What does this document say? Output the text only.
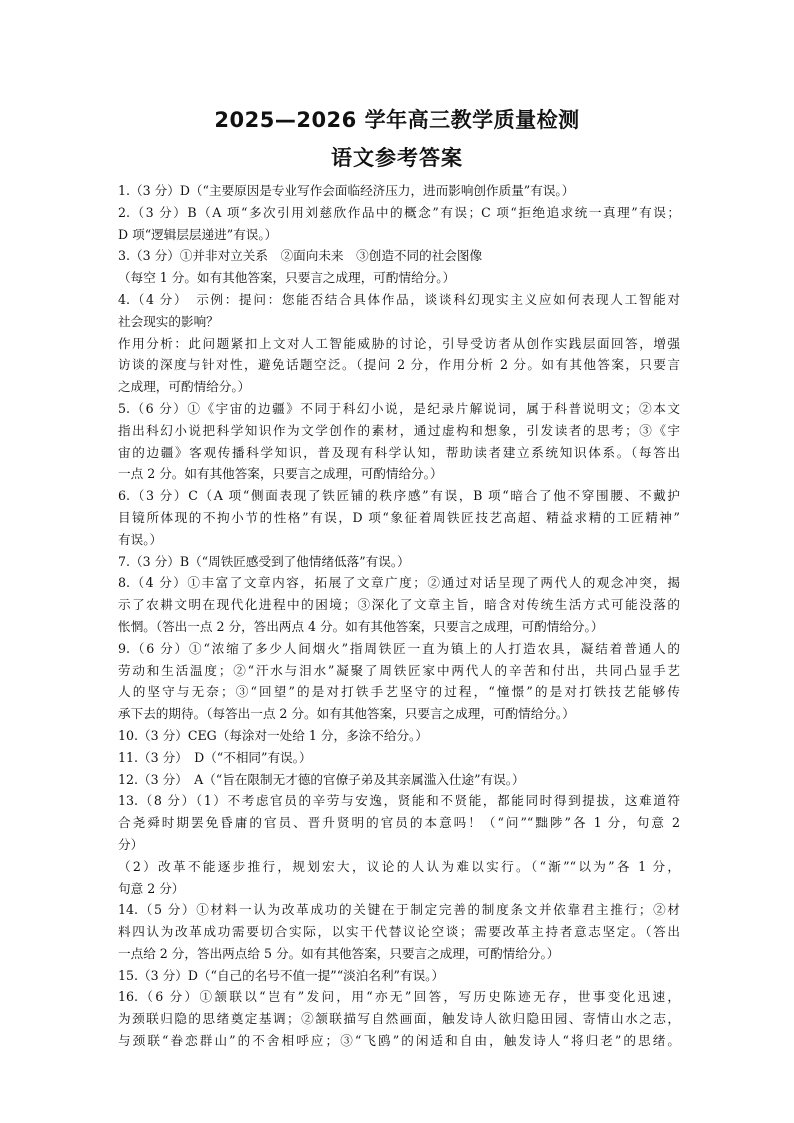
2025—2026 学年高三教学质量检测
语文参考答案
1.（3 分）D（“主要原因是专业写作会面临经济压力，进而影响创作质量”有误。）
2.（3 分）B（A 项“多次引用刘慈欣作品中的概念”有误；C 项“拒绝追求统一真理”有误；
D 项“逻辑层层递进”有误。）
3.（3 分）①并非对立关系　②面向未来　③创造不同的社会图像
（每空 1 分。如有其他答案，只要言之成理，可酌情给分。）
4.（4 分）　示例：提问：您能否结合具体作品，谈谈科幻现实主义应如何表现人工智能对
社会现实的影响？
作用分析：此问题紧扣上文对人工智能威胁的讨论，引导受访者从创作实践层面回答，增强
访谈的深度与针对性，避免话题空泛。（提问 2 分，作用分析 2 分。如有其他答案，只要言
之成理，可酌情给分。）
5.（6 分）①《宇宙的边疆》不同于科幻小说，是纪录片解说词，属于科普说明文；②本文
指出科幻小说把科学知识作为文学创作的素材，通过虚构和想象，引发读者的思考；③《宇
宙的边疆》客观传播科学知识，普及现有科学认知，帮助读者建立系统知识体系。（每答出
一点 2 分。如有其他答案，只要言之成理，可酌情给分。）
6.（3 分）C（A 项“侧面表现了铁匠铺的秩序感”有误，B 项“暗合了他不穿围腰、不戴护
目镜所体现的不拘小节的性格”有误，D 项“象征着周铁匠技艺高超、精益求精的工匠精神”
有误。）
7.（3 分）B（“周铁匠感受到了他情绪低落”有误。）
8.（4 分）①丰富了文章内容，拓展了文章广度；②通过对话呈现了两代人的观念冲突，揭
示了农耕文明在现代化进程中的困境；③深化了文章主旨，暗含对传统生活方式可能没落的
怅惘。（答出一点 2 分，答出两点 4 分。如有其他答案，只要言之成理，可酌情给分。）
9.（6 分）①“浓缩了多少人间烟火”指周铁匠一直为镇上的人打造农具，凝结着普通人的
劳动和生活温度；②“汗水与泪水”凝聚了周铁匠家中两代人的辛苦和付出，共同凸显手艺
人的坚守与无奈；③“回望”的是对打铁手艺坚守的过程，“憧憬”的是对打铁技艺能够传
承下去的期待。（每答出一点 2 分。如有其他答案，只要言之成理，可酌情给分。）
10.（3 分）CEG（每涂对一处给 1 分，多涂不给分。）
11.（3 分）　D（“不相同”有误。）
12.（3 分）　A（“旨在限制无才德的官僚子弟及其亲属滥入仕途”有误。）
13.（8 分）（1）不考虑官员的辛劳与安逸，贤能和不贤能，都能同时得到提拔，这难道符
合尧舜时期罢免昏庸的官员、晋升贤明的官员的本意吗！（“问”“黜陟”各 1 分，句意 2
分）
（2）改革不能逐步推行，规划宏大，议论的人认为难以实行。（“渐”“以为”各 1 分，
句意 2 分）
14.（5 分）①材料一认为改革成功的关键在于制定完善的制度条文并依靠君主推行；②材
料四认为改革成功需要切合实际，以实干代替议论空谈；需要改革主持者意志坚定。（答出
一点给 2 分，答出两点给 5 分。如有其他答案，只要言之成理，可酌情给分。）
15.（3 分）D（“自己的名号不值一提”“淡泊名利”有误。）
16.（6 分）①颔联以“岂有”发问，用“亦无”回答，写历史陈迹无存，世事变化迅速，
为颈联归隐的思绪奠定基调；②颔联描写自然画面，触发诗人欲归隐田园、寄情山水之志，
与颈联“眷恋群山”的不舍相呼应；③“飞鸥”的闲适和自由，触发诗人“将归老”的思绪。
